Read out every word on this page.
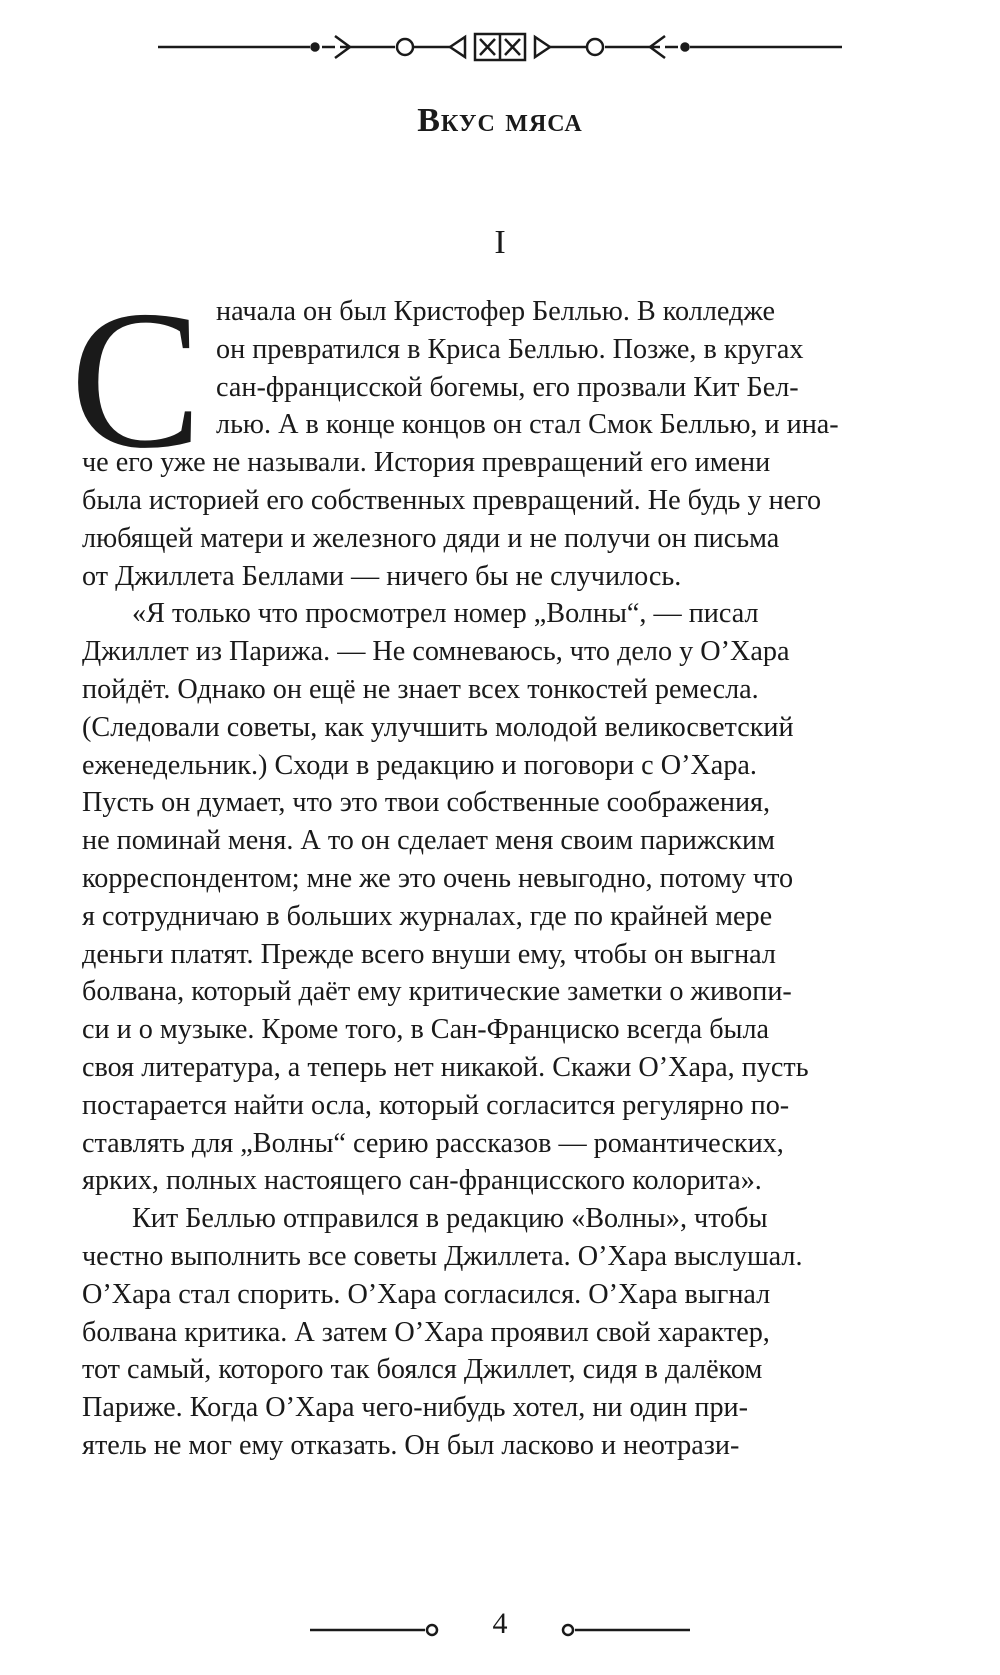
Вкус мяса
I
С начала он был Кристофер Беллью. В колледже
он превратился в Криса Беллью. Позже, в кругах
сан-францисской богемы, его прозвали Кит Бел-
лью. А в конце концов он стал Смок Беллью, и ина-
че его уже не называли. История превращений его имени
была историей его собственных превращений. Не будь у него
любящей матери и железного дяди и не получи он письма
от Джиллета Беллами — ничего бы не случилось.
«Я только что просмотрел номер „Волны“, — писал
Джиллет из Парижа. — Не сомневаюсь, что дело у О’Хара
пойдёт. Однако он ещё не знает всех тонкостей ремесла.
(Следовали советы, как улучшить молодой великосветский
еженедельник.) Сходи в редакцию и поговори с О’Хара.
Пусть он думает, что это твои собственные соображения,
не поминай меня. А то он сделает меня своим парижским
корреспондентом; мне же это очень невыгодно, потому что
я сотрудничаю в больших журналах, где по крайней мере
деньги платят. Прежде всего внуши ему, чтобы он выгнал
болвана, который даёт ему критические заметки о живопи-
си и о музыке. Кроме того, в Сан-Франциско всегда была
своя литература, а теперь нет никакой. Скажи О’Хара, пусть
постарается найти осла, который согласится регулярно по-
ставлять для „Волны“ серию рассказов — романтических,
ярких, полных настоящего сан-францисского колорита».
Кит Беллью отправился в редакцию «Волны», чтобы
честно выполнить все советы Джиллета. О’Хара выслушал.
О’Хара стал спорить. О’Хара согласился. О’Хара выгнал
болвана критика. А затем О’Хара проявил свой характер,
тот самый, которого так боялся Джиллет, сидя в далёком
Париже. Когда О’Хара чего-нибудь хотел, ни один при-
ятель не мог ему отказать. Он был ласково и неотрази-
4
